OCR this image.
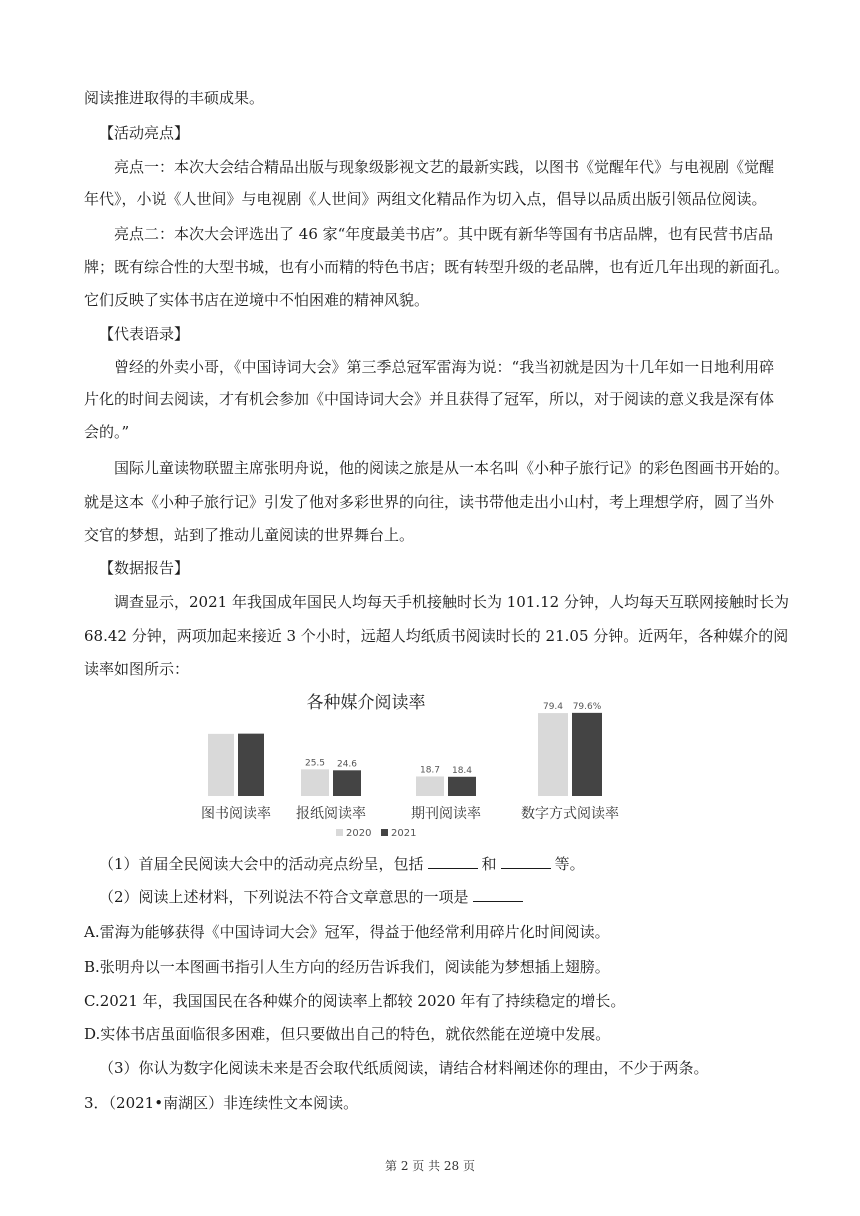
阅读推进取得的丰硕成果。
【活动亮点】
亮点一：本次大会结合精品出版与现象级影视文艺的最新实践，以图书《觉醒年代》与电视剧《觉醒
年代》，小说《人世间》与电视剧《人世间》两组文化精品作为切入点，倡导以品质出版引领品位阅读。
亮点二：本次大会评选出了 46 家“年度最美书店”。其中既有新华等国有书店品牌，也有民营书店品
牌；既有综合性的大型书城，也有小而精的特色书店；既有转型升级的老品牌，也有近几年出现的新面孔。
它们反映了实体书店在逆境中不怕困难的精神风貌。
【代表语录】
曾经的外卖小哥，《中国诗词大会》第三季总冠军雷海为说：“我当初就是因为十几年如一日地利用碎
片化的时间去阅读，才有机会参加《中国诗词大会》并且获得了冠军，所以，对于阅读的意义我是深有体
会的。”
国际儿童读物联盟主席张明舟说，他的阅读之旅是从一本名叫《小种子旅行记》的彩色图画书开始的。
就是这本《小种子旅行记》引发了他对多彩世界的向往，读书带他走出小山村，考上理想学府，圆了当外
交官的梦想，站到了推动儿童阅读的世界舞台上。
【数据报告】
调查显示，2021 年我国成年国民人均每天手机接触时长为 101.12 分钟，人均每天互联网接触时长为
68.42 分钟，两项加起来接近 3 个小时，远超人均纸质书阅读时长的 21.05 分钟。近两年，各种媒介的阅
读率如图所示：
各种媒介阅读率
图书阅读率
25.5 24.6
报纸阅读率
18.7 18.4
期刊阅读率
79.4 79.6%
数字方式阅读率
2020 2021
（1）首届全民阅读大会中的活动亮点纷呈，包括	和	等。
（2）阅读上述材料，下列说法不符合文章意思的一项是
A.雷海为能够获得《中国诗词大会》冠军，得益于他经常利用碎片化时间阅读。
B.张明舟以一本图画书指引人生方向的经历告诉我们，阅读能为梦想插上翅膀。
C.2021 年，我国国民在各种媒介的阅读率上都较 2020 年有了持续稳定的增长。
D.实体书店虽面临很多困难，但只要做出自己的特色，就依然能在逆境中发展。
（3）你认为数字化阅读未来是否会取代纸质阅读，请结合材料阐述你的理由，不少于两条。
3．（2021•南湖区）非连续性文本阅读。
第 2 页 共 28 页
